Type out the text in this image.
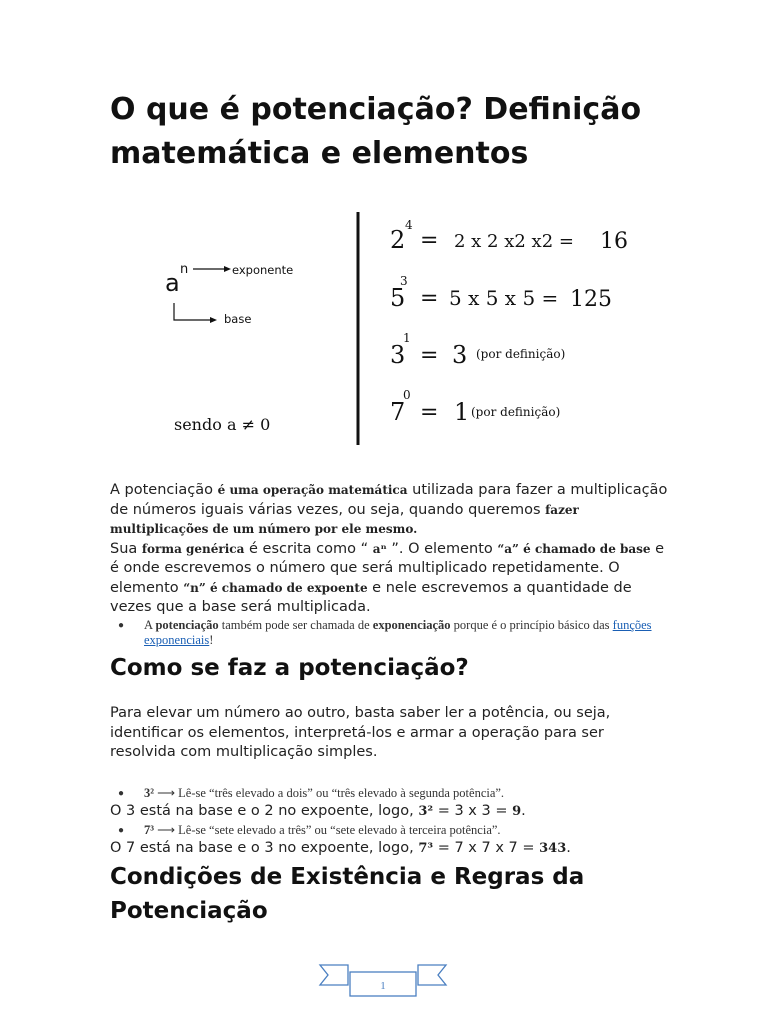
O que é potenciação? Definição matemática e elementos
a n	exponente
base
sendo a ≠ 0
2
4
= 2 x 2 x2 x2 = 16
5
3
= 5 x 5 x 5 = 125
3
1
= 3 (por definição)
7
0
= 1 (por definição)

A potenciação é uma operação matemática utilizada para fazer a multiplicação de números iguais várias vezes, ou seja, quando queremos fazer multiplicações de um número por ele mesmo.
Sua forma genérica é escrita como “ aⁿ ”. O elemento “a” é chamado de base e é onde escrevemos o número que será multiplicado repetidamente. O elemento “n” é chamado de expoente e nele escrevemos a quantidade de vezes que a base será multiplicada.

● A potenciação também pode ser chamada de exponenciação porque é o princípio básico das funções exponenciais!
Como se faz a potenciação?

Para elevar um número ao outro, basta saber ler a potência, ou seja, identificar os elementos, interpretá-los e armar a operação para ser resolvida com multiplicação simples.

● 3² ⟶ Lê-se “três elevado a dois” ou “três elevado à segunda potência”.
O 3 está na base e o 2 no expoente, logo, 3² = 3 x 3 = 9.
● 7³ ⟶ Lê-se “sete elevado a três” ou “sete elevado à terceira potência”.
O 7 está na base e o 3 no expoente, logo, 7³ = 7 x 7 x 7 = 343.
Condições de Existência e Regras da Potenciação
1
